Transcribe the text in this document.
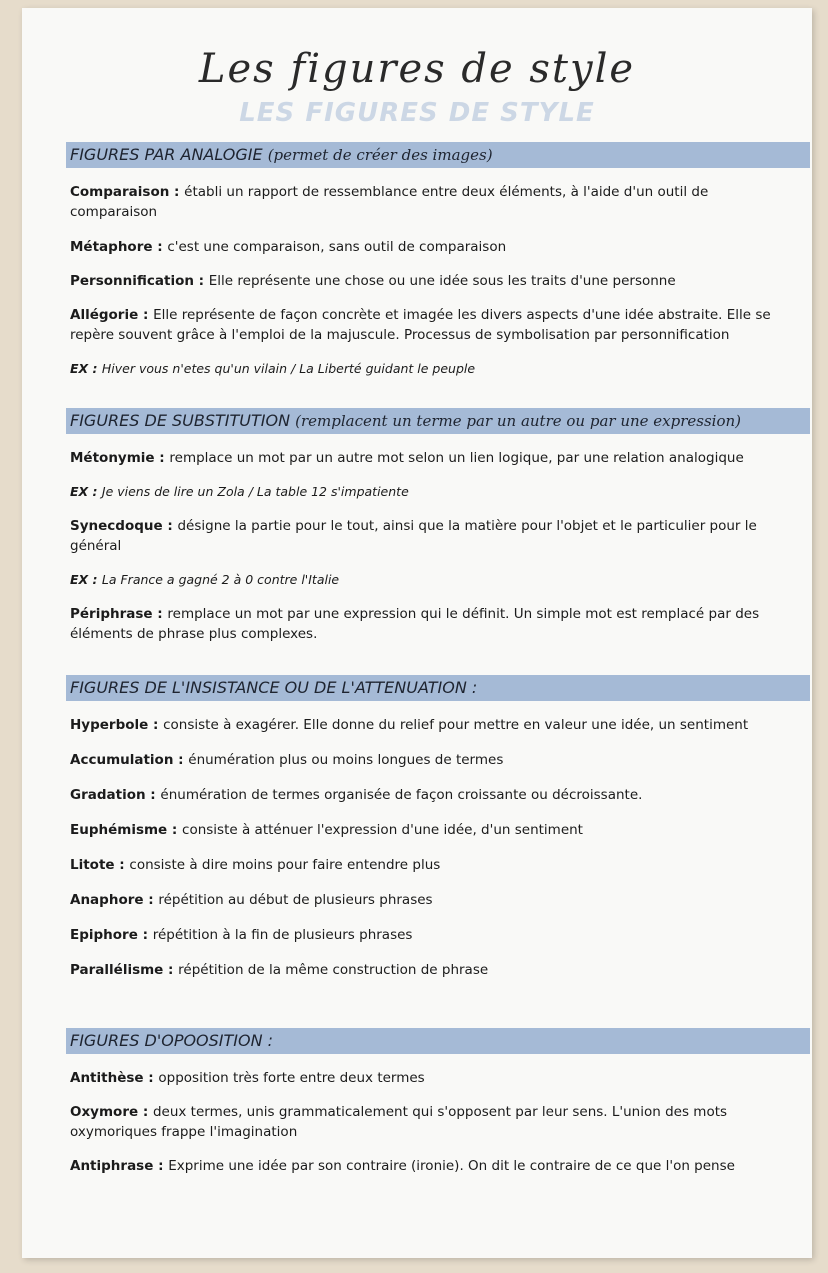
Les figures de style
LES FIGURES DE STYLE
FIGURES PAR ANALOGIE (permet de créer des images)
Comparaison : établi un rapport de ressemblance entre deux éléments, à l'aide d'un outil de comparaison
Métaphore : c'est une comparaison, sans outil de comparaison
Personnification : Elle représente une chose ou une idée sous les traits d'une personne
Allégorie : Elle représente de façon concrète et imagée les divers aspects d'une idée abstraite. Elle se repère souvent grâce à l'emploi de la majuscule. Processus de symbolisation par personnification
EX : Hiver vous n'etes qu'un vilain / La Liberté guidant le peuple
FIGURES DE SUBSTITUTION (remplacent un terme par un autre ou par une expression)
Métonymie : remplace un mot par un autre mot selon un lien logique, par une relation analogique
EX : Je viens de lire un Zola / La table 12 s'impatiente
Synecdoque : désigne la partie pour le tout, ainsi que la matière pour l'objet et le particulier pour le général
EX : La France a gagné 2 à 0 contre l'Italie
Périphrase : remplace un mot par une expression qui le définit. Un simple mot est remplacé par des éléments de phrase plus complexes.
FIGURES DE L'INSISTANCE OU DE L'ATTENUATION :
Hyperbole : consiste à exagérer. Elle donne du relief pour mettre en valeur une idée, un sentiment
Accumulation : énumération plus ou moins longues de termes
Gradation : énumération de termes organisée de façon croissante ou décroissante.
Euphémisme : consiste à atténuer l'expression d'une idée, d'un sentiment
Litote : consiste à dire moins pour faire entendre plus
Anaphore : répétition au début de plusieurs phrases
Epiphore : répétition à la fin de plusieurs phrases
Parallélisme : répétition de la même construction de phrase
FIGURES D'OPOOSITION :
Antithèse : opposition très forte entre deux termes
Oxymore : deux termes, unis grammaticalement qui s'opposent par leur sens. L'union des mots oxymoriques frappe l'imagination
Antiphrase : Exprime une idée par son contraire (ironie). On dit le contraire de ce que l'on pense
